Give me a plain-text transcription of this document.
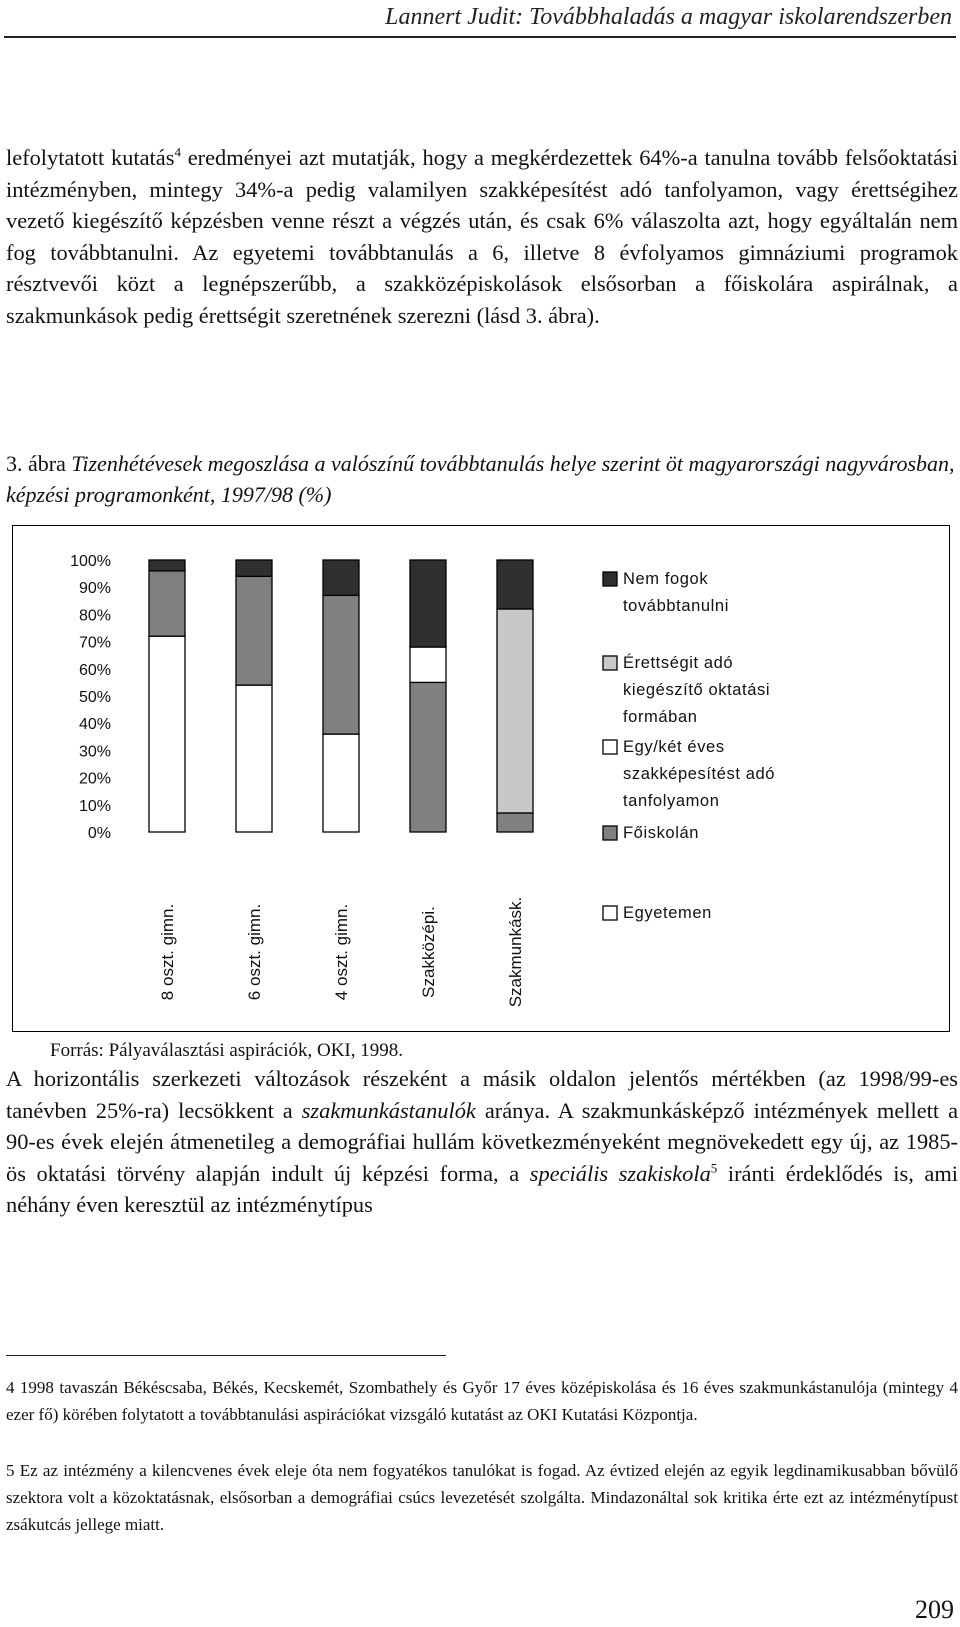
Lannert Judit: Továbbhaladás a magyar iskolarendszerben

lefolytatott kutatás$^4$ eredményei azt mutatják, hogy a megkérdezettek 64%-a tanulna tovább felsőoktatási intézményben, mintegy 34%-a pedig valamilyen szakképesítést adó tanfolyamon, vagy érettségihez vezető kiegészítő képzésben venne részt a végzés után, és csak 6% válaszolta azt, hogy egyáltalán nem fog továbbtanulni. Az egyetemi továbbtanulás a 6, illetve 8 évfolyamos gimnáziumi programok résztvevői közt a legnépszerűbb, a szakközépiskolások elsősorban a főiskolára aspirálnak, a szakmunkások pedig érettségit szeretnének szerezni (lásd 3. ábra).

3. ábra Tizenhétévesek megoszlása a valószínű továbbtanulás helye szerint öt magyarországi nagyvárosban, képzési programonként, 1997/98 (%)

0%
10%
20%
30%
40%
50%
60%
70%
80%
90%
100%
8 oszt. gimn.	6 oszt. gimn.	4 oszt. gimn.	Szakközépi.	Szakmunkásk.
Nem fogok
továbbtanulni
Érettségit adó
kiegészítő oktatási
formában
Egy/két éves
szakképesítést adó
tanfolyamon
Főiskolán
Egyetemen
Forrás: Pályaválasztási aspirációk, OKI, 1998.

A horizontális szerkezeti változások részeként a másik oldalon jelentős mértékben (az 1998/99-es tanévben 25%-ra) lecsökkent a szakmunkástanulók aránya. A szakmunkásképző intézmények mellett a 90-es évek elején átmenetileg a demográfiai hullám következményeként megnövekedett egy új, az 1985-ös oktatási törvény alapján indult új képzési forma, a speciális szakiskola$^5$ iránti érdeklődés is, ami néhány éven keresztül az intézménytípus

4 1998 tavaszán Békéscsaba, Békés, Kecskemét, Szombathely és Győr 17 éves középiskolása és 16 éves szakmunkástanulója (mintegy 4 ezer fő) körében folytatott a továbbtanulási aspirációkat vizsgáló kutatást az OKI Kutatási Központja.

5 Ez az intézmény a kilencvenes évek eleje óta nem fogyatékos tanulókat is fogad. Az évtized elején az egyik legdinamikusabban bővülő szektora volt a közoktatásnak, elsősorban a demográfiai csúcs levezetését szolgálta. Mindazonáltal sok kritika érte ezt az intézménytípust zsákutcás jellege miatt.

209
